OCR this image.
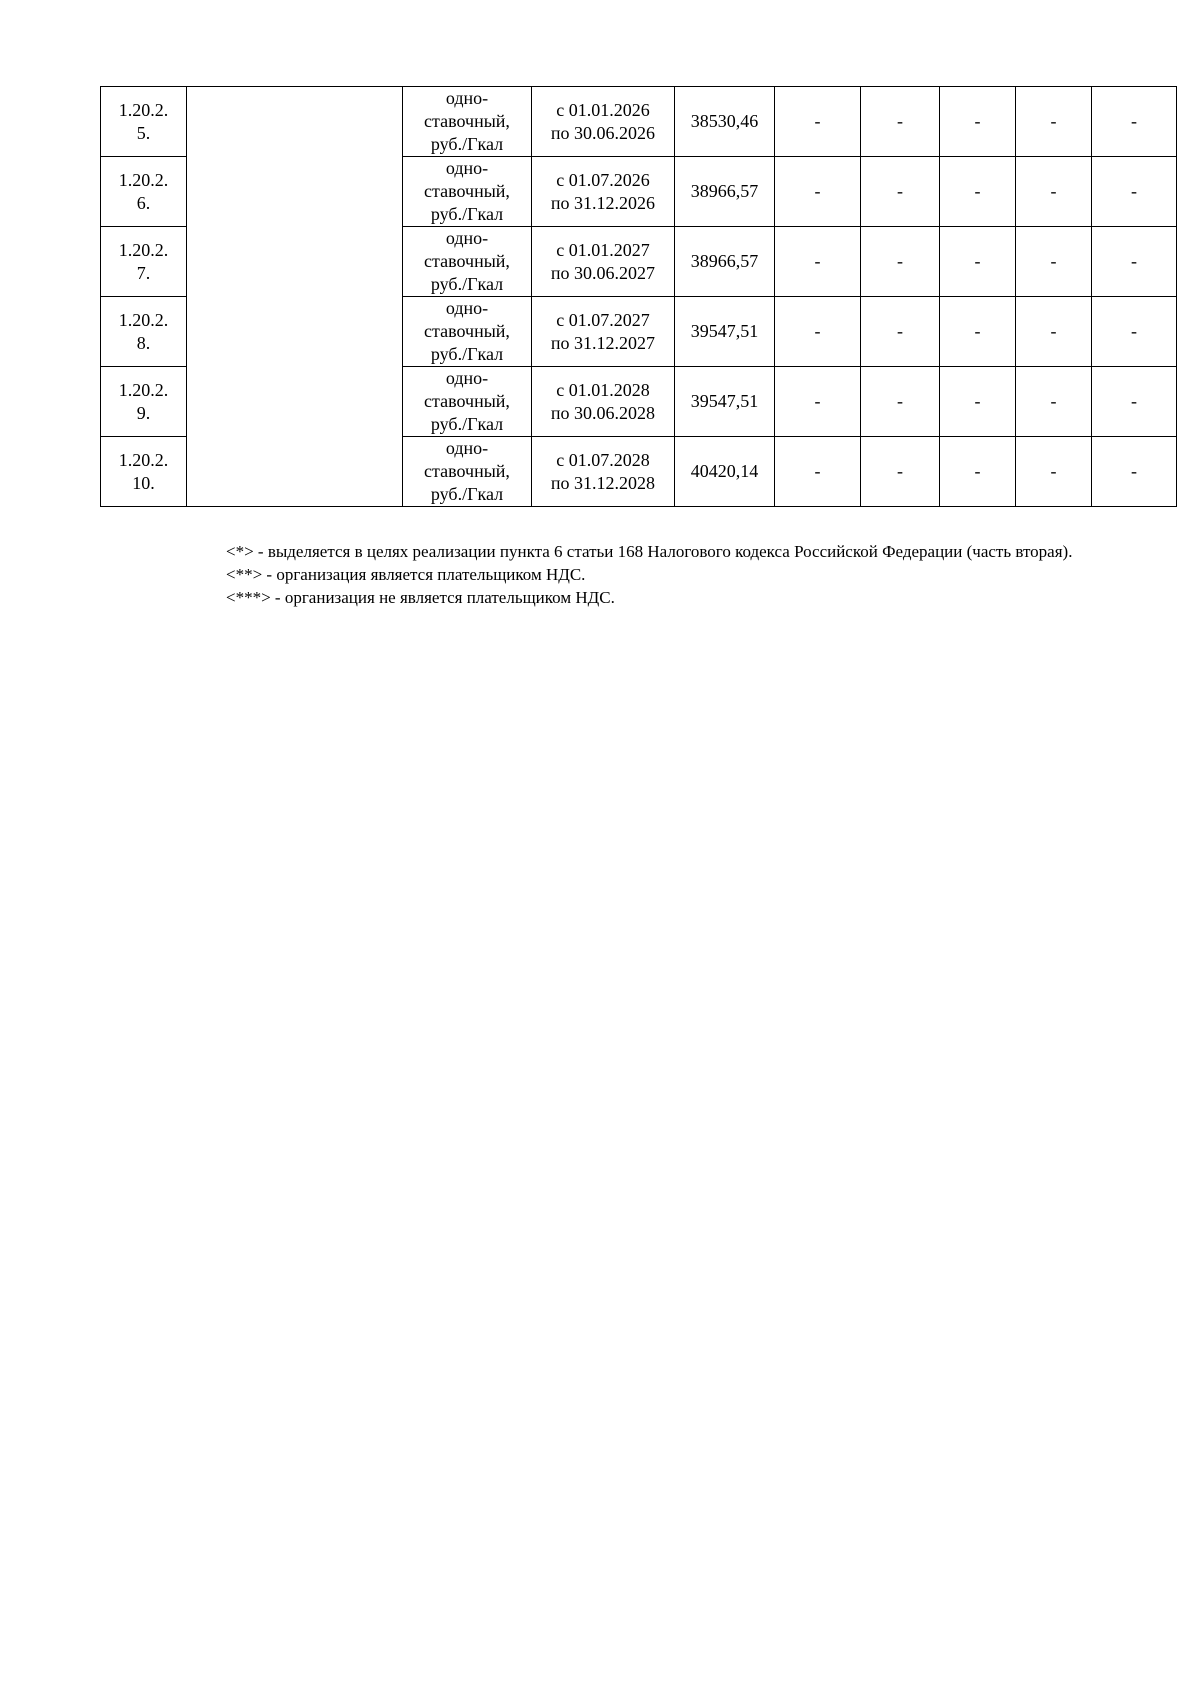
1.20.2.
5.		одно-
ставочный,
руб./Гкал	с 01.01.2026
по 30.06.2026	38530,46	-	-	-	-	-

1.20.2.
6.		одно-
ставочный,
руб./Гкал	с 01.07.2026
по 31.12.2026	38966,57	-	-	-	-	-

1.20.2.
7.		одно-
ставочный,
руб./Гкал	с 01.01.2027
по 30.06.2027	38966,57	-	-	-	-	-

1.20.2.
8.		одно-
ставочный,
руб./Гкал	с 01.07.2027
по 31.12.2027	39547,51	-	-	-	-	-

1.20.2.
9.		одно-
ставочный,
руб./Гкал	с 01.01.2028
по 30.06.2028	39547,51	-	-	-	-	-

1.20.2.
10.		одно-
ставочный,
руб./Гкал	с 01.07.2028
по 31.12.2028	40420,14	-	-	-	-	-

<*> - выделяется в целях реализации пункта 6 статьи 168 Налогового кодекса Российской Федерации (часть вторая).

<**> - организация является плательщиком НДС.

<***> - организация не является плательщиком НДС.
